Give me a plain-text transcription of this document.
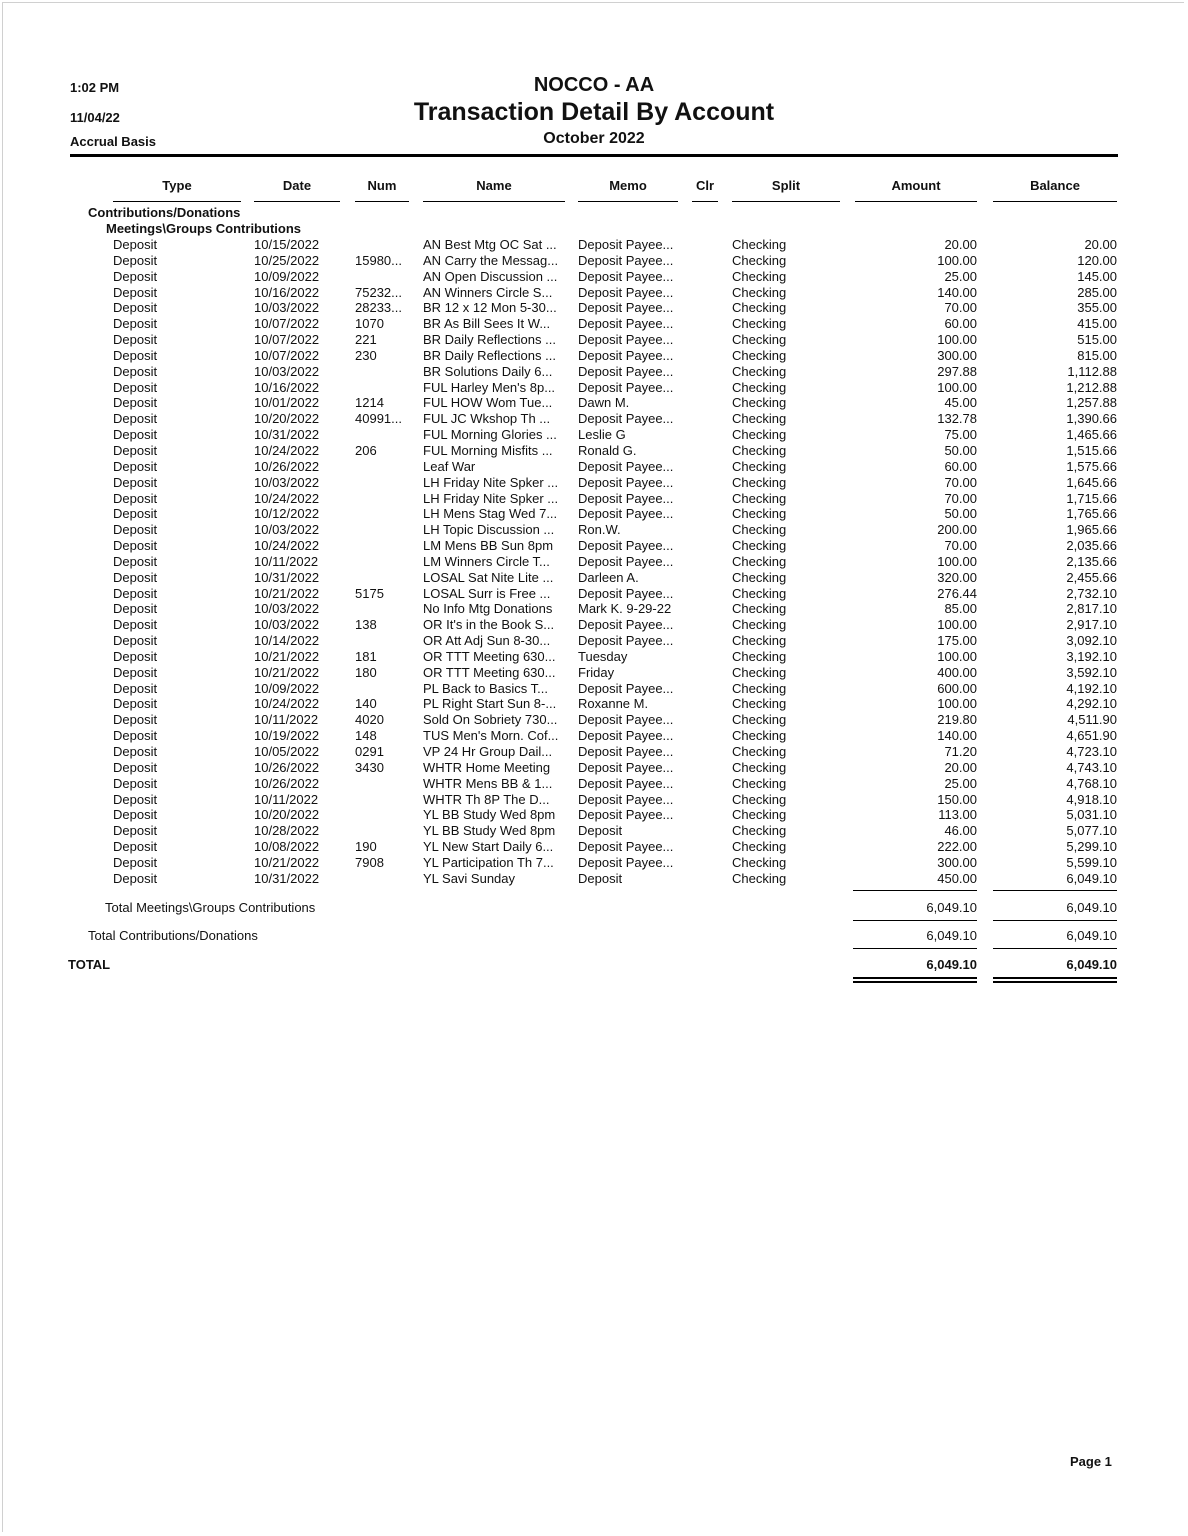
1:02 PM
11/04/22
Accrual Basis
NOCCO - AA
Transaction Detail By Account
October 2022
Type	Date	Num	Name	Memo	Clr	Split	Amount	Balance
Contributions/Donations
Meetings\Groups Contributions
Deposit	10/15/2022	AN Best Mtg OC Sat ...	Deposit Payee...	Checking	20.00	20.00
Deposit	10/25/2022	15980...	AN Carry the Messag...	Deposit Payee...	Checking	100.00	120.00
Deposit	10/09/2022	AN Open Discussion ...	Deposit Payee...	Checking	25.00	145.00
Deposit	10/16/2022	75232...	AN Winners Circle S...	Deposit Payee...	Checking	140.00	285.00
Deposit	10/03/2022	28233...	BR 12 x 12 Mon 5-30...	Deposit Payee...	Checking	70.00	355.00
Deposit	10/07/2022	1070	BR As Bill Sees It W...	Deposit Payee...	Checking	60.00	415.00
Deposit	10/07/2022	221	BR Daily Reflections ...	Deposit Payee...	Checking	100.00	515.00
Deposit	10/07/2022	230	BR Daily Reflections ...	Deposit Payee...	Checking	300.00	815.00
Deposit	10/03/2022	BR Solutions Daily 6...	Deposit Payee...	Checking	297.88	1,112.88
Deposit	10/16/2022	FUL Harley Men's 8p...	Deposit Payee...	Checking	100.00	1,212.88
Deposit	10/01/2022	1214	FUL HOW Wom Tue...	Dawn M.	Checking	45.00	1,257.88
Deposit	10/20/2022	40991...	FUL JC Wkshop Th ...	Deposit Payee...	Checking	132.78	1,390.66
Deposit	10/31/2022	FUL Morning Glories ...	Leslie G	Checking	75.00	1,465.66
Deposit	10/24/2022	206	FUL Morning Misfits ...	Ronald G.	Checking	50.00	1,515.66
Deposit	10/26/2022	Leaf War	Deposit Payee...	Checking	60.00	1,575.66
Deposit	10/03/2022	LH Friday Nite Spker ...	Deposit Payee...	Checking	70.00	1,645.66
Deposit	10/24/2022	LH Friday Nite Spker ...	Deposit Payee...	Checking	70.00	1,715.66
Deposit	10/12/2022	LH Mens Stag Wed 7...	Deposit Payee...	Checking	50.00	1,765.66
Deposit	10/03/2022	LH Topic Discussion ...	Ron.W.	Checking	200.00	1,965.66
Deposit	10/24/2022	LM Mens BB Sun 8pm	Deposit Payee...	Checking	70.00	2,035.66
Deposit	10/11/2022	LM Winners Circle T...	Deposit Payee...	Checking	100.00	2,135.66
Deposit	10/31/2022	LOSAL Sat Nite Lite ...	Darleen A.	Checking	320.00	2,455.66
Deposit	10/21/2022	5175	LOSAL Surr is Free ...	Deposit Payee...	Checking	276.44	2,732.10
Deposit	10/03/2022	No Info Mtg Donations	Mark K. 9-29-22	Checking	85.00	2,817.10
Deposit	10/03/2022	138	OR It's in the Book S...	Deposit Payee...	Checking	100.00	2,917.10
Deposit	10/14/2022	OR Att Adj Sun 8-30...	Deposit Payee...	Checking	175.00	3,092.10
Deposit	10/21/2022	181	OR TTT Meeting 630...	Tuesday	Checking	100.00	3,192.10
Deposit	10/21/2022	180	OR TTT Meeting 630...	Friday	Checking	400.00	3,592.10
Deposit	10/09/2022	PL Back to Basics T...	Deposit Payee...	Checking	600.00	4,192.10
Deposit	10/24/2022	140	PL Right Start Sun 8-...	Roxanne M.	Checking	100.00	4,292.10
Deposit	10/11/2022	4020	Sold On Sobriety 730...	Deposit Payee...	Checking	219.80	4,511.90
Deposit	10/19/2022	148	TUS Men's Morn. Cof...	Deposit Payee...	Checking	140.00	4,651.90
Deposit	10/05/2022	0291	VP 24 Hr Group Dail...	Deposit Payee...	Checking	71.20	4,723.10
Deposit	10/26/2022	3430	WHTR Home Meeting	Deposit Payee...	Checking	20.00	4,743.10
Deposit	10/26/2022	WHTR Mens BB & 1...	Deposit Payee...	Checking	25.00	4,768.10
Deposit	10/11/2022	WHTR Th 8P The D...	Deposit Payee...	Checking	150.00	4,918.10
Deposit	10/20/2022	YL BB Study Wed 8pm	Deposit Payee...	Checking	113.00	5,031.10
Deposit	10/28/2022	YL BB Study Wed 8pm	Deposit	Checking	46.00	5,077.10
Deposit	10/08/2022	190	YL New Start Daily 6...	Deposit Payee...	Checking	222.00	5,299.10
Deposit	10/21/2022	7908	YL Participation Th 7...	Deposit Payee...	Checking	300.00	5,599.10
Deposit	10/31/2022	YL Savi Sunday	Deposit	Checking	450.00	6,049.10
Total Meetings\Groups Contributions	6,049.10	6,049.10
Total Contributions/Donations	6,049.10	6,049.10
TOTAL	6,049.10	6,049.10
Page 1
